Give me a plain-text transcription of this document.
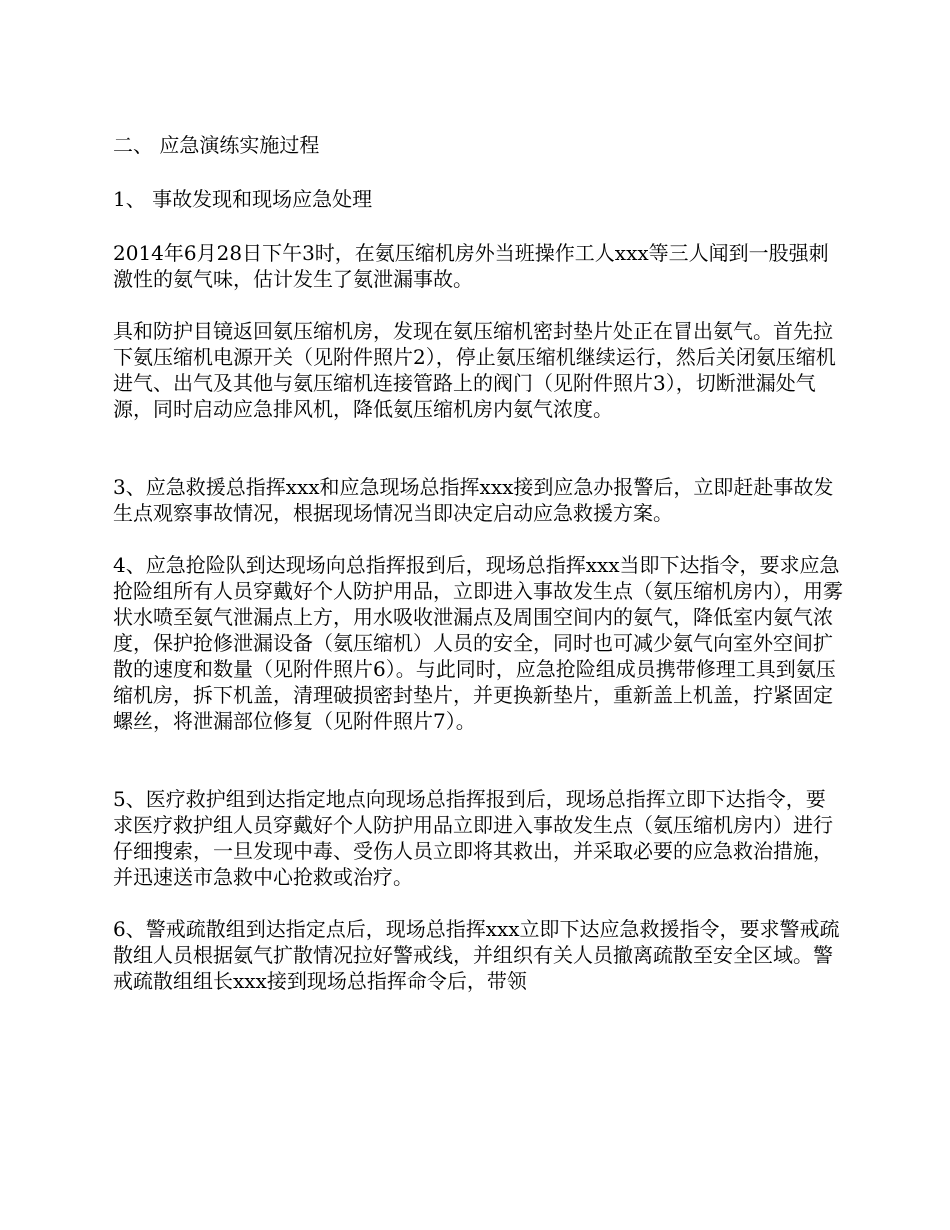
二、 应急演练实施过程

1、 事故发现和现场应急处理

2014年6月28日下午3时，在氨压缩机房外当班操作工人xxx等三人闻到一股强刺激性的氨气味，估计发生了氨泄漏事故。

具和防护目镜返回氨压缩机房，发现在氨压缩机密封垫片处正在冒出氨气。首先拉下氨压缩机电源开关（见附件照片2），停止氨压缩机继续运行，然后关闭氨压缩机进气、出气及其他与氨压缩机连接管路上的阀门（见附件照片3），切断泄漏处气源，同时启动应急排风机，降低氨压缩机房内氨气浓度。

3、应急救援总指挥xxx和应急现场总指挥xxx接到应急办报警后，立即赶赴事故发生点观察事故情况，根据现场情况当即决定启动应急救援方案。

4、应急抢险队到达现场向总指挥报到后，现场总指挥xxx当即下达指令，要求应急抢险组所有人员穿戴好个人防护用品，立即进入事故发生点（氨压缩机房内），用雾状水喷至氨气泄漏点上方，用水吸收泄漏点及周围空间内的氨气，降低室内氨气浓度，保护抢修泄漏设备（氨压缩机）人员的安全，同时也可减少氨气向室外空间扩散的速度和数量（见附件照片6）。与此同时，应急抢险组成员携带修理工具到氨压缩机房，拆下机盖，清理破损密封垫片，并更换新垫片，重新盖上机盖，拧紧固定螺丝，将泄漏部位修复（见附件照片7）。

5、医疗救护组到达指定地点向现场总指挥报到后，现场总指挥立即下达指令，要求医疗救护组人员穿戴好个人防护用品立即进入事故发生点（氨压缩机房内）进行仔细搜索，一旦发现中毒、受伤人员立即将其救出，并采取必要的应急救治措施，并迅速送市急救中心抢救或治疗。

6、警戒疏散组到达指定点后，现场总指挥xxx立即下达应急救援指令，要求警戒疏散组人员根据氨气扩散情况拉好警戒线，并组织有关人员撤离疏散至安全区域。警戒疏散组组长xxx接到现场总指挥命令后，带领
